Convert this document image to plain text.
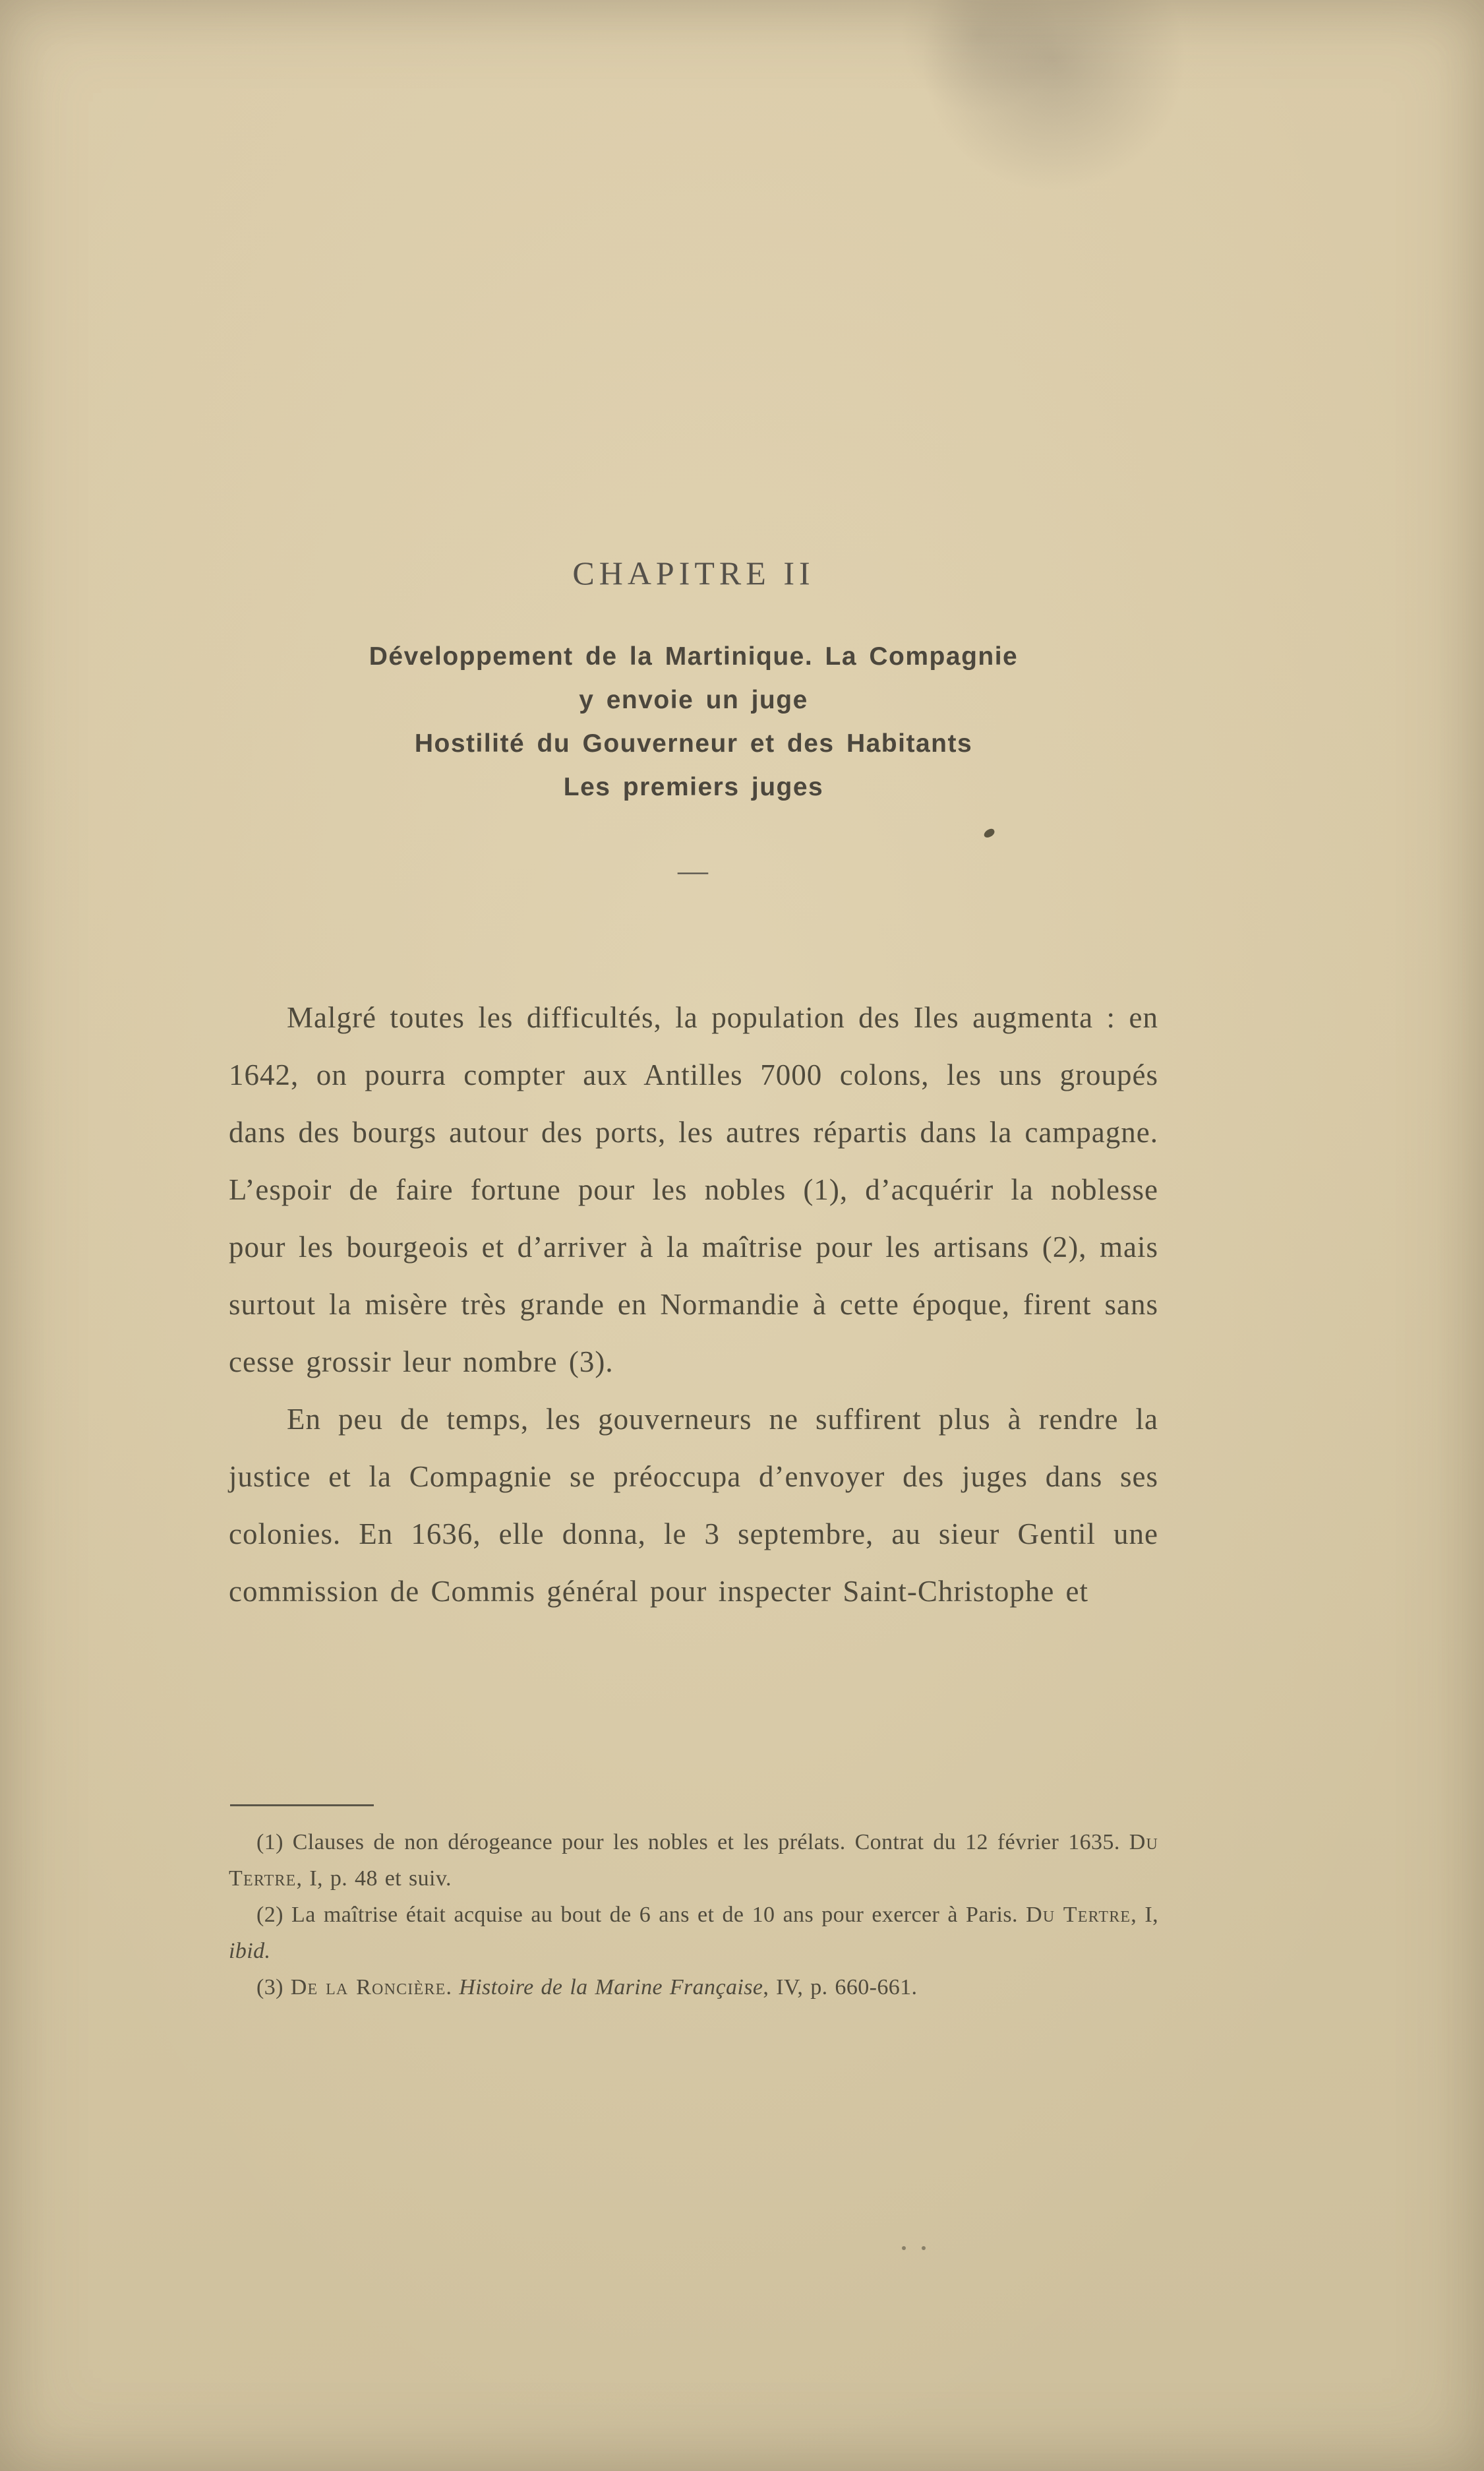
CHAPITRE II
Développement de la Martinique. La Compagnie
y envoie un juge
Hostilité du Gouverneur et des Habitants
Les premiers juges
—

Malgré toutes les difficultés, la population des Iles augmenta : en 1642, on pourra compter aux Antilles 7000 colons, les uns groupés dans des bourgs autour des ports, les autres répartis dans la campagne. L’espoir de faire fortune pour les nobles (1), d’acquérir la noblesse pour les bourgeois et d’arriver à la maîtrise pour les artisans (2), mais surtout la misère très grande en Normandie à cette époque, firent sans cesse grossir leur nombre (3).

En peu de temps, les gouverneurs ne suffirent plus à rendre la justice et la Compagnie se préoccupa d’envoyer des juges dans ses colonies. En 1636, elle donna, le 3 septembre, au sieur Gentil une commission de Commis général pour inspecter Saint-Christophe et

(1) Clauses de non dérogeance pour les nobles et les prélats. Contrat du 12 février 1635. Du Tertre, I, p. 48 et suiv.

(2) La maîtrise était acquise au bout de 6 ans et de 10 ans pour exercer à Paris. Du Tertre, I, ibid.

(3) De la Roncière. Histoire de la Marine Française, IV, p. 660-661.
